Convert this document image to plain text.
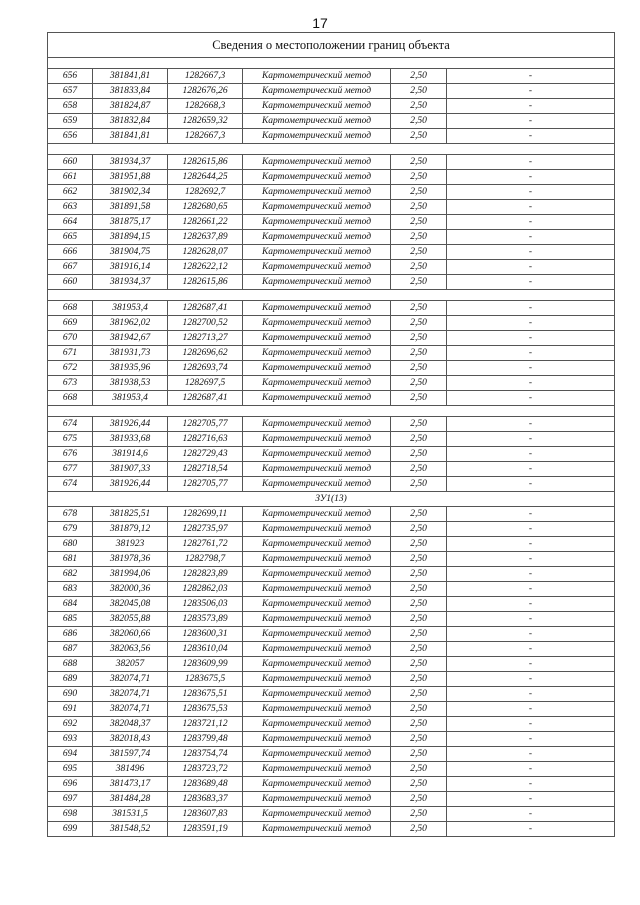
17
Сведения о местоположении границ объекта					

656	381841,81	1282667,3	Картометрический метод	2,50	-
657	381833,84	1282676,26	Картометрический метод	2,50	-
658	381824,87	1282668,3	Картометрический метод	2,50	-
659	381832,84	1282659,32	Картометрический метод	2,50	-
656	381841,81	1282667,3	Картометрический метод	2,50	-

660	381934,37	1282615,86	Картометрический метод	2,50	-
661	381951,88	1282644,25	Картометрический метод	2,50	-
662	381902,34	1282692,7	Картометрический метод	2,50	-
663	381891,58	1282680,65	Картометрический метод	2,50	-
664	381875,17	1282661,22	Картометрический метод	2,50	-
665	381894,15	1282637,89	Картометрический метод	2,50	-
666	381904,75	1282628,07	Картометрический метод	2,50	-
667	381916,14	1282622,12	Картометрический метод	2,50	-
660	381934,37	1282615,86	Картометрический метод	2,50	-

668	381953,4	1282687,41	Картометрический метод	2,50	-
669	381962,02	1282700,52	Картометрический метод	2,50	-
670	381942,67	1282713,27	Картометрический метод	2,50	-
671	381931,73	1282696,62	Картометрический метод	2,50	-
672	381935,96	1282693,74	Картометрический метод	2,50	-
673	381938,53	1282697,5	Картометрический метод	2,50	-
668	381953,4	1282687,41	Картометрический метод	2,50	-

674	381926,44	1282705,77	Картометрический метод	2,50	-
675	381933,68	1282716,63	Картометрический метод	2,50	-
676	381914,6	1282729,43	Картометрический метод	2,50	-
677	381907,33	1282718,54	Картометрический метод	2,50	-
674	381926,44	1282705,77	Картометрический метод	2,50	-
ЗУ1(13)					
678	381825,51	1282699,11	Картометрический метод	2,50	-
679	381879,12	1282735,97	Картометрический метод	2,50	-
680	381923	1282761,72	Картометрический метод	2,50	-
681	381978,36	1282798,7	Картометрический метод	2,50	-
682	381994,06	1282823,89	Картометрический метод	2,50	-
683	382000,36	1282862,03	Картометрический метод	2,50	-
684	382045,08	1283506,03	Картометрический метод	2,50	-
685	382055,88	1283573,89	Картометрический метод	2,50	-
686	382060,66	1283600,31	Картометрический метод	2,50	-
687	382063,56	1283610,04	Картометрический метод	2,50	-
688	382057	1283609,99	Картометрический метод	2,50	-
689	382074,71	1283675,5	Картометрический метод	2,50	-
690	382074,71	1283675,51	Картометрический метод	2,50	-
691	382074,71	1283675,53	Картометрический метод	2,50	-
692	382048,37	1283721,12	Картометрический метод	2,50	-
693	382018,43	1283799,48	Картометрический метод	2,50	-
694	381597,74	1283754,74	Картометрический метод	2,50	-
695	381496	1283723,72	Картометрический метод	2,50	-
696	381473,17	1283689,48	Картометрический метод	2,50	-
697	381484,28	1283683,37	Картометрический метод	2,50	-
698	381531,5	1283607,83	Картометрический метод	2,50	-
699	381548,52	1283591,19	Картометрический метод	2,50	-
